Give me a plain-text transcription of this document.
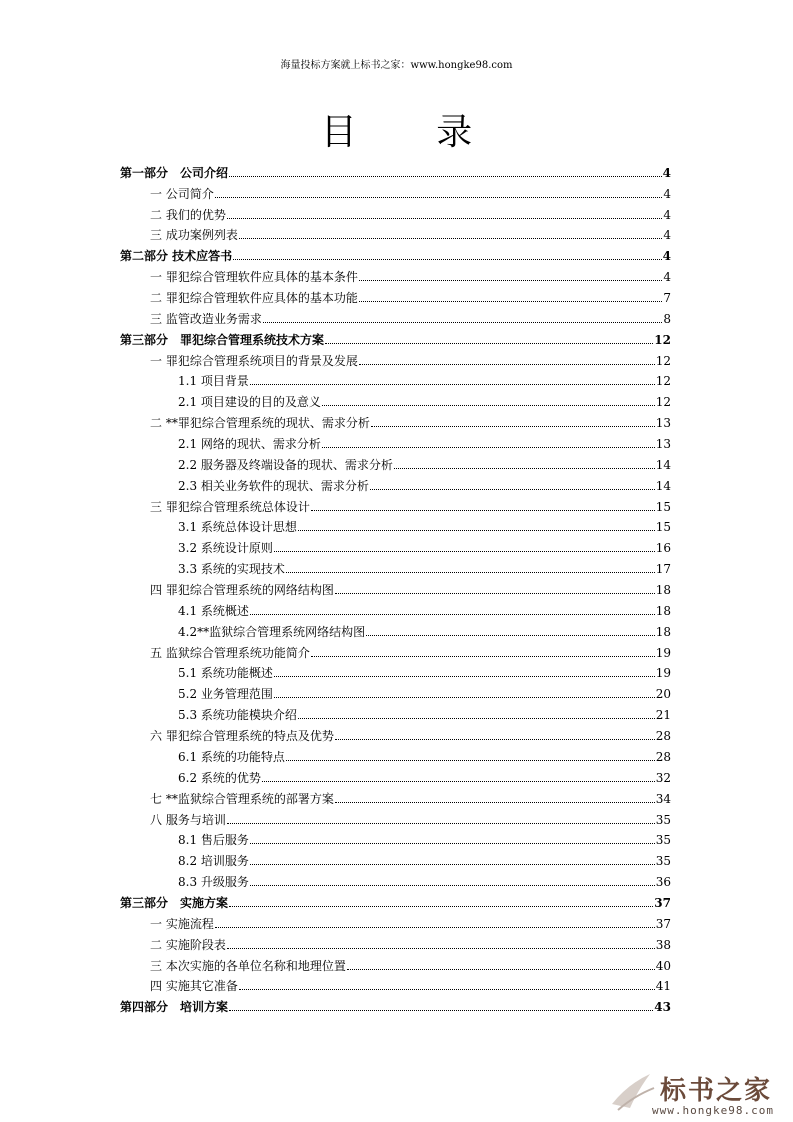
海量投标方案就上标书之家：www.hongke98.com
目 录
第一部分　公司介绍	4
一 公司简介	4
二 我们的优势	4
三 成功案例列表	4
第二部分 技术应答书	4
一 罪犯综合管理软件应具体的基本条件	4
二 罪犯综合管理软件应具体的基本功能	7
三 监管改造业务需求	8
第三部分　罪犯综合管理系统技术方案	12
一 罪犯综合管理系统项目的背景及发展	12
1.1 项目背景	12
2.1 项目建设的目的及意义	12
二 **罪犯综合管理系统的现状、需求分析	13
2.1 网络的现状、需求分析	13
2.2 服务器及终端设备的现状、需求分析	14
2.3 相关业务软件的现状、需求分析	14
三 罪犯综合管理系统总体设计	15
3.1 系统总体设计思想	15
3.2 系统设计原则	16
3.3 系统的实现技术	17
四 罪犯综合管理系统的网络结构图	18
4.1 系统概述	18
4.2**监狱综合管理系统网络结构图	18
五 监狱综合管理系统功能简介	19
5.1 系统功能概述	19
5.2 业务管理范围	20
5.3 系统功能模块介绍	21
六 罪犯综合管理系统的特点及优势	28
6.1 系统的功能特点	28
6.2 系统的优势	32
七 **监狱综合管理系统的部署方案	34
八 服务与培训	35
8.1 售后服务	35
8.2 培训服务	35
8.3 升级服务	36
第三部分　实施方案	37
一 实施流程	37
二 实施阶段表	38
三 本次实施的各单位名称和地理位置	40
四 实施其它准备	41
第四部分　培训方案	43
标书之家
www.hongke98.com
